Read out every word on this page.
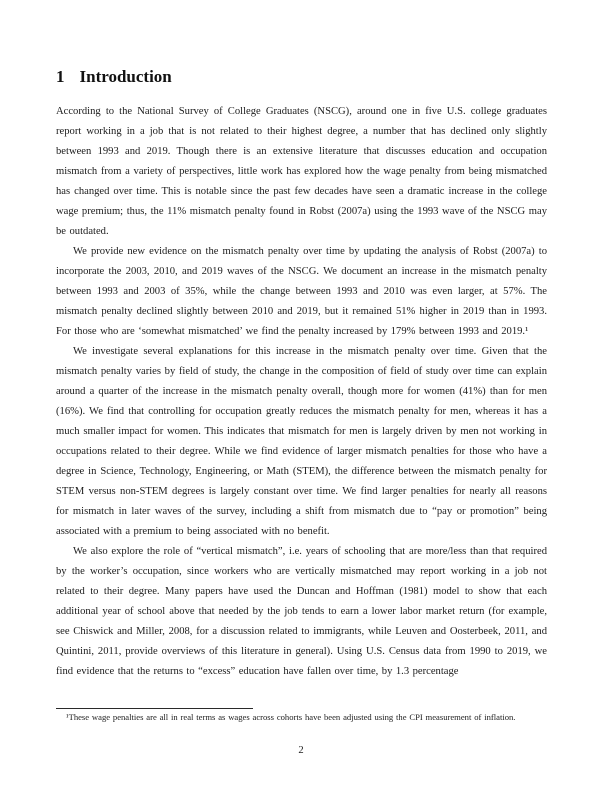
1 Introduction

According to the National Survey of College Graduates (NSCG), around one in five U.S. college graduates report working in a job that is not related to their highest degree, a number that has declined only slightly between 1993 and 2019. Though there is an extensive literature that discusses education and occupation mismatch from a variety of perspectives, little work has explored how the wage penalty from being mismatched has changed over time. This is notable since the past few decades have seen a dramatic increase in the college wage premium; thus, the 11% mismatch penalty found in Robst (2007a) using the 1993 wave of the NSCG may be outdated.

We provide new evidence on the mismatch penalty over time by updating the analysis of Robst (2007a) to incorporate the 2003, 2010, and 2019 waves of the NSCG. We document an increase in the mismatch penalty between 1993 and 2003 of 35%, while the change between 1993 and 2010 was even larger, at 57%. The mismatch penalty declined slightly between 2010 and 2019, but it remained 51% higher in 2019 than in 1993. For those who are ‘somewhat mismatched’ we find the penalty increased by 179% between 1993 and 2019.¹

We investigate several explanations for this increase in the mismatch penalty over time. Given that the mismatch penalty varies by field of study, the change in the composition of field of study over time can explain around a quarter of the increase in the mismatch penalty overall, though more for women (41%) than for men (16%). We find that controlling for occupation greatly reduces the mismatch penalty for men, whereas it has a much smaller impact for women. This indicates that mismatch for men is largely driven by men not working in occupations related to their degree. While we find evidence of larger mismatch penalties for those who have a degree in Science, Technology, Engineering, or Math (STEM), the difference between the mismatch penalty for STEM versus non-STEM degrees is largely constant over time. We find larger penalties for nearly all reasons for mismatch in later waves of the survey, including a shift from mismatch due to “pay or promotion” being associated with a premium to being associated with no benefit.

We also explore the role of “vertical mismatch”, i.e. years of schooling that are more/less than that required by the worker’s occupation, since workers who are vertically mismatched may report working in a job not related to their degree. Many papers have used the Duncan and Hoffman (1981) model to show that each additional year of school above that needed by the job tends to earn a lower labor market return (for example, see Chiswick and Miller, 2008, for a discussion related to immigrants, while Leuven and Oosterbeek, 2011, and Quintini, 2011, provide overviews of this literature in general). Using U.S. Census data from 1990 to 2019, we find evidence that the returns to “excess” education have fallen over time, by 1.3 percentage

¹These wage penalties are all in real terms as wages across cohorts have been adjusted using the CPI measurement of inflation.
2
